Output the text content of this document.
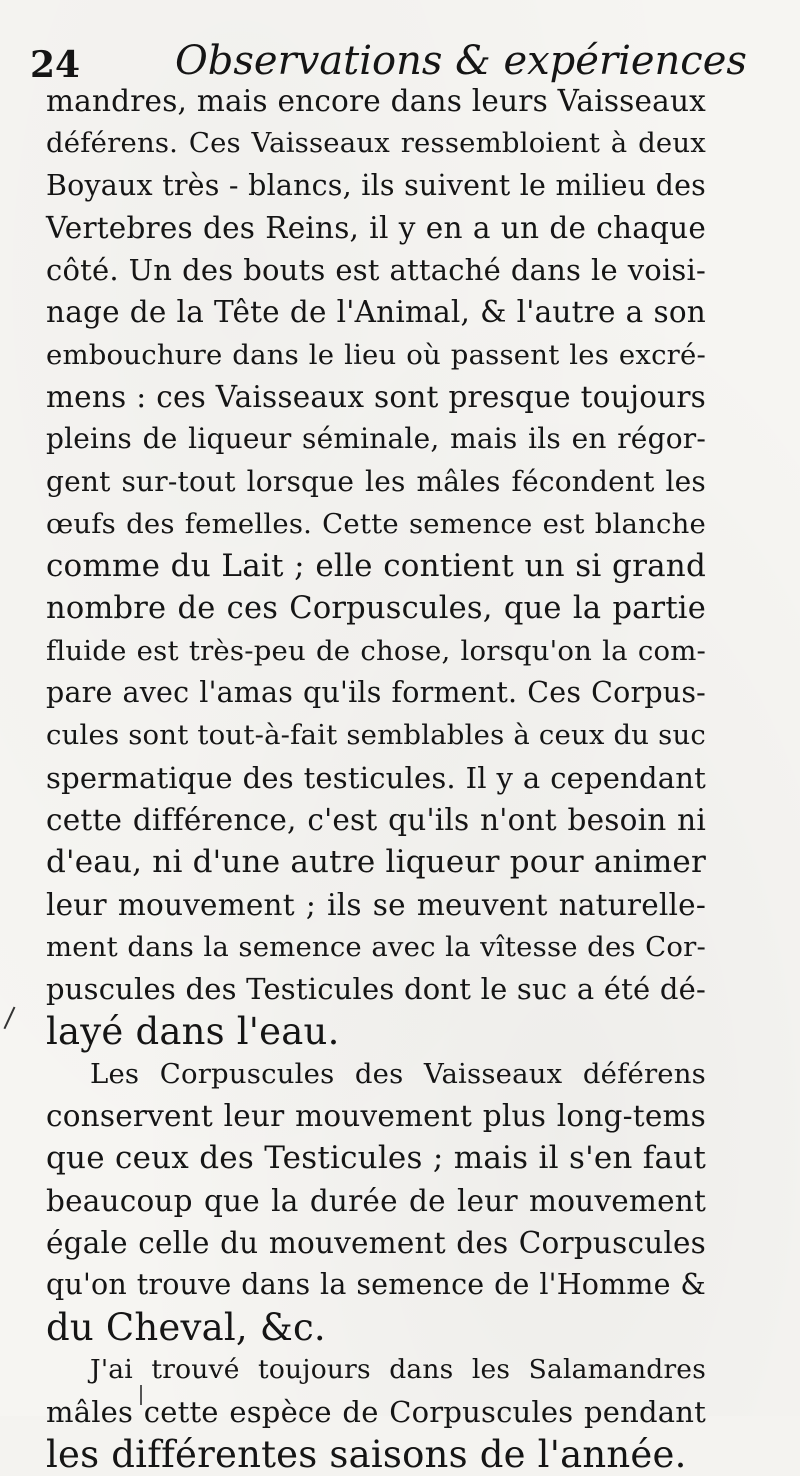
24 Observations & expériences
mandres, mais encore dans leurs Vaisseaux
déférens. Ces Vaisseaux ressembloient à deux
Boyaux très - blancs, ils suivent le milieu des
Vertebres des Reins, il y en a un de chaque
côté. Un des bouts est attaché dans le voisi-
nage de la Tête de l'Animal, & l'autre a son
embouchure dans le lieu où passent les excré-
mens : ces Vaisseaux sont presque toujours
pleins de liqueur séminale, mais ils en régor-
gent sur-tout lorsque les mâles fécondent les
œufs des femelles. Cette semence est blanche
comme du Lait ; elle contient un si grand
nombre de ces Corpuscules, que la partie
fluide est très-peu de chose, lorsqu'on la com-
pare avec l'amas qu'ils forment. Ces Corpus-
cules sont tout-à-fait semblables à ceux du suc
spermatique des testicules. Il y a cependant
cette différence, c'est qu'ils n'ont besoin ni
d'eau, ni d'une autre liqueur pour animer
leur mouvement ; ils se meuvent naturelle-
ment dans la semence avec la vîtesse des Cor-
puscules des Testicules dont le suc a été dé-
layé dans l'eau.
Les Corpuscules des Vaisseaux déférens
conservent leur mouvement plus long-tems
que ceux des Testicules ; mais il s'en faut
beaucoup que la durée de leur mouvement
égale celle du mouvement des Corpuscules
qu'on trouve dans la semence de l'Homme &
du Cheval, &c.
J'ai trouvé toujours dans les Salamandres
mâles cette espèce de Corpuscules pendant
les différentes saisons de l'année.
